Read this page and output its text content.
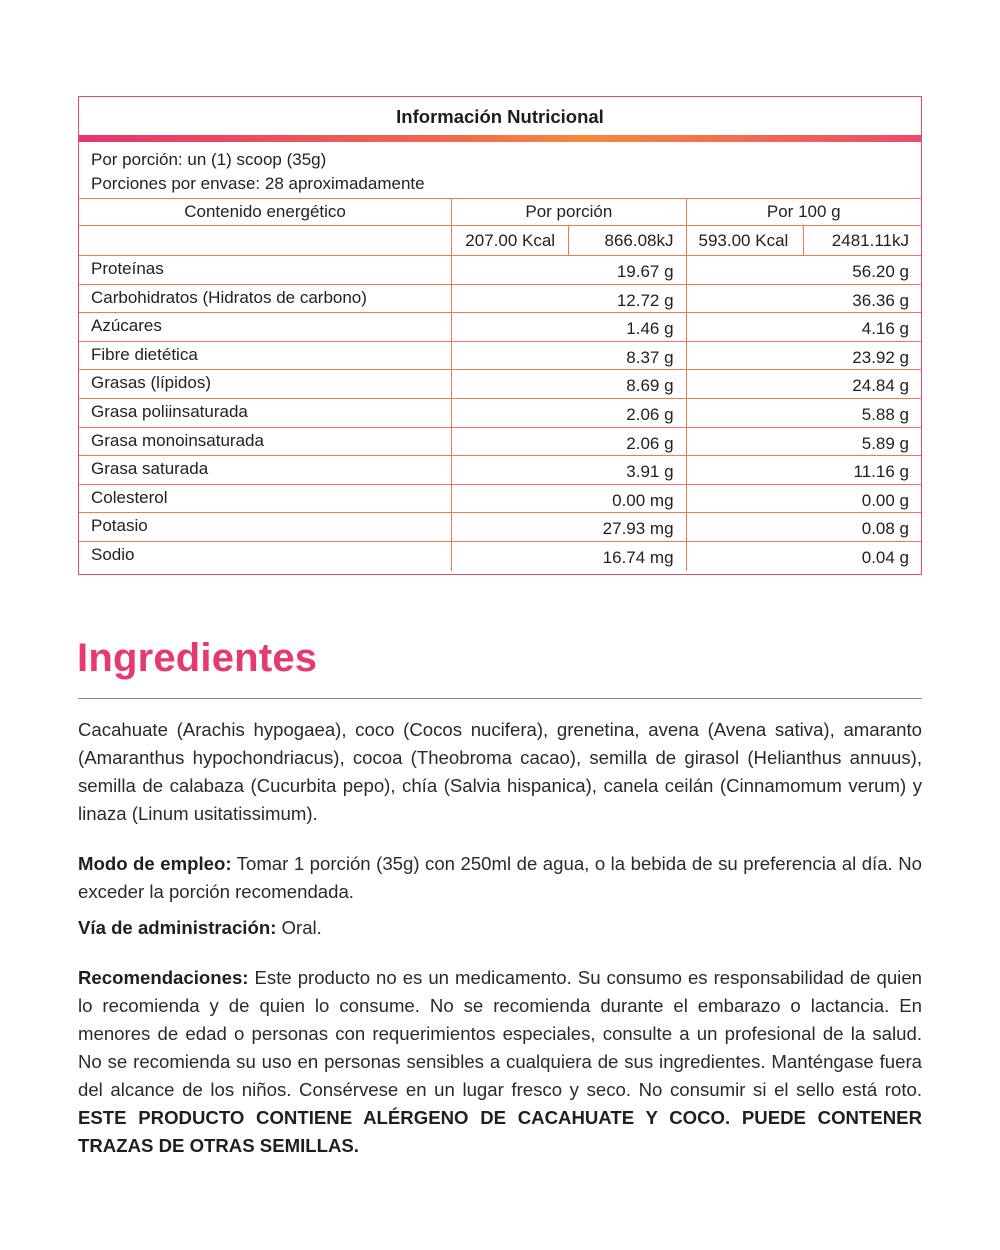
Información Nutricional
Por porción: un (1) scoop (35g)
Porciones por envase: 28 aproximadamente
Contenido energético	Por porción	Por 100 g
207.00 Kcal	866.08kJ	593.00 Kcal	2481.11kJ
Proteínas	19.67 g	56.20 g
Carbohidratos (Hidratos de carbono)	12.72 g	36.36 g
Azúcares	1.46 g	4.16 g
Fibre dietética	8.37 g	23.92 g
Grasas (lípidos)	8.69 g	24.84 g
Grasa poliinsaturada	2.06 g	5.88 g
Grasa monoinsaturada	2.06 g	5.89 g
Grasa saturada	3.91 g	11.16 g
Colesterol	0.00 mg	0.00 g
Potasio	27.93 mg	0.08 g
Sodio	16.74 mg	0.04 g
Ingredientes

Cacahuate (Arachis hypogaea), coco (Cocos nucifera), grenetina, avena (Avena sativa), amaranto (Amaranthus hypochondriacus), cocoa (Theobroma cacao), semilla de girasol (Helianthus annuus), semilla de calabaza (Cucurbita pepo), chía (Salvia hispanica), canela ceilán (Cinnamomum verum) y linaza (Linum usitatissimum).

Modo de empleo: Tomar 1 porción (35g) con 250ml de agua, o la bebida de su preferencia al día. No exceder la porción recomendada.

Vía de administración: Oral.

Recomendaciones: Este producto no es un medicamento. Su consumo es responsabilidad de quien lo recomienda y de quien lo consume. No se recomienda durante el embarazo o lactancia. En menores de edad o personas con requerimientos especiales, consulte a un profesional de la salud. No se recomienda su uso en personas sensibles a cualquiera de sus ingredientes. Manténgase fuera del alcance de los niños. Consérvese en un lugar fresco y seco. No consumir si el sello está roto. ESTE PRODUCTO CONTIENE ALÉRGENO DE CACAHUATE Y COCO. PUEDE CONTENER TRAZAS DE OTRAS SEMILLAS.
